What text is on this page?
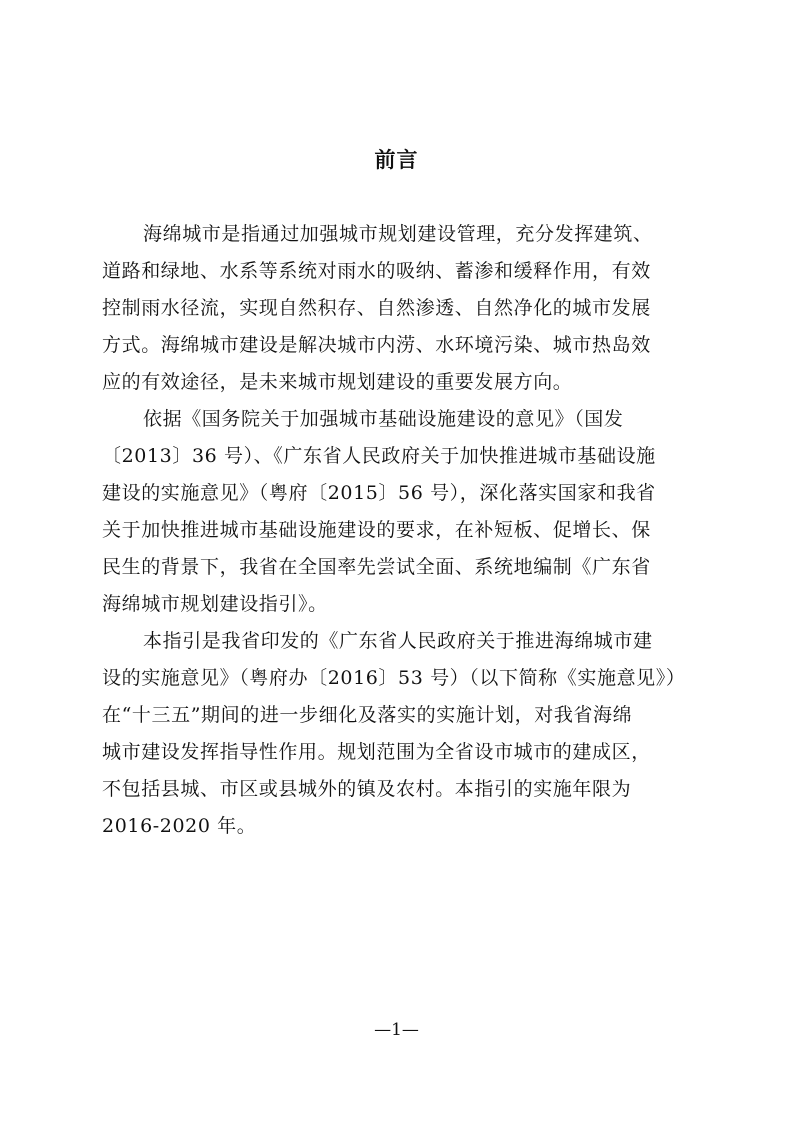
前言
海绵城市是指通过加强城市规划建设管理，充分发挥建筑、
道路和绿地、水系等系统对雨水的吸纳、蓄渗和缓释作用，有效
控制雨水径流，实现自然积存、自然渗透、自然净化的城市发展
方式。海绵城市建设是解决城市内涝、水环境污染、城市热岛效
应的有效途径，是未来城市规划建设的重要发展方向。
依据《国务院关于加强城市基础设施建设的意见》（国发
〔2013〕36 号）、《广东省人民政府关于加快推进城市基础设施
建设的实施意见》（粤府〔2015〕56 号），深化落实国家和我省
关于加快推进城市基础设施建设的要求，在补短板、促增长、保
民生的背景下，我省在全国率先尝试全面、系统地编制《广东省
海绵城市规划建设指引》。
本指引是我省印发的《广东省人民政府关于推进海绵城市建
设的实施意见》（粤府办〔2016〕53 号）（以下简称《实施意见》）
在“十三五”期间的进一步细化及落实的实施计划，对我省海绵
城市建设发挥指导性作用。规划范围为全省设市城市的建成区，
不包括县城、市区或县城外的镇及农村。本指引的实施年限为
2016-2020 年。
—1—
